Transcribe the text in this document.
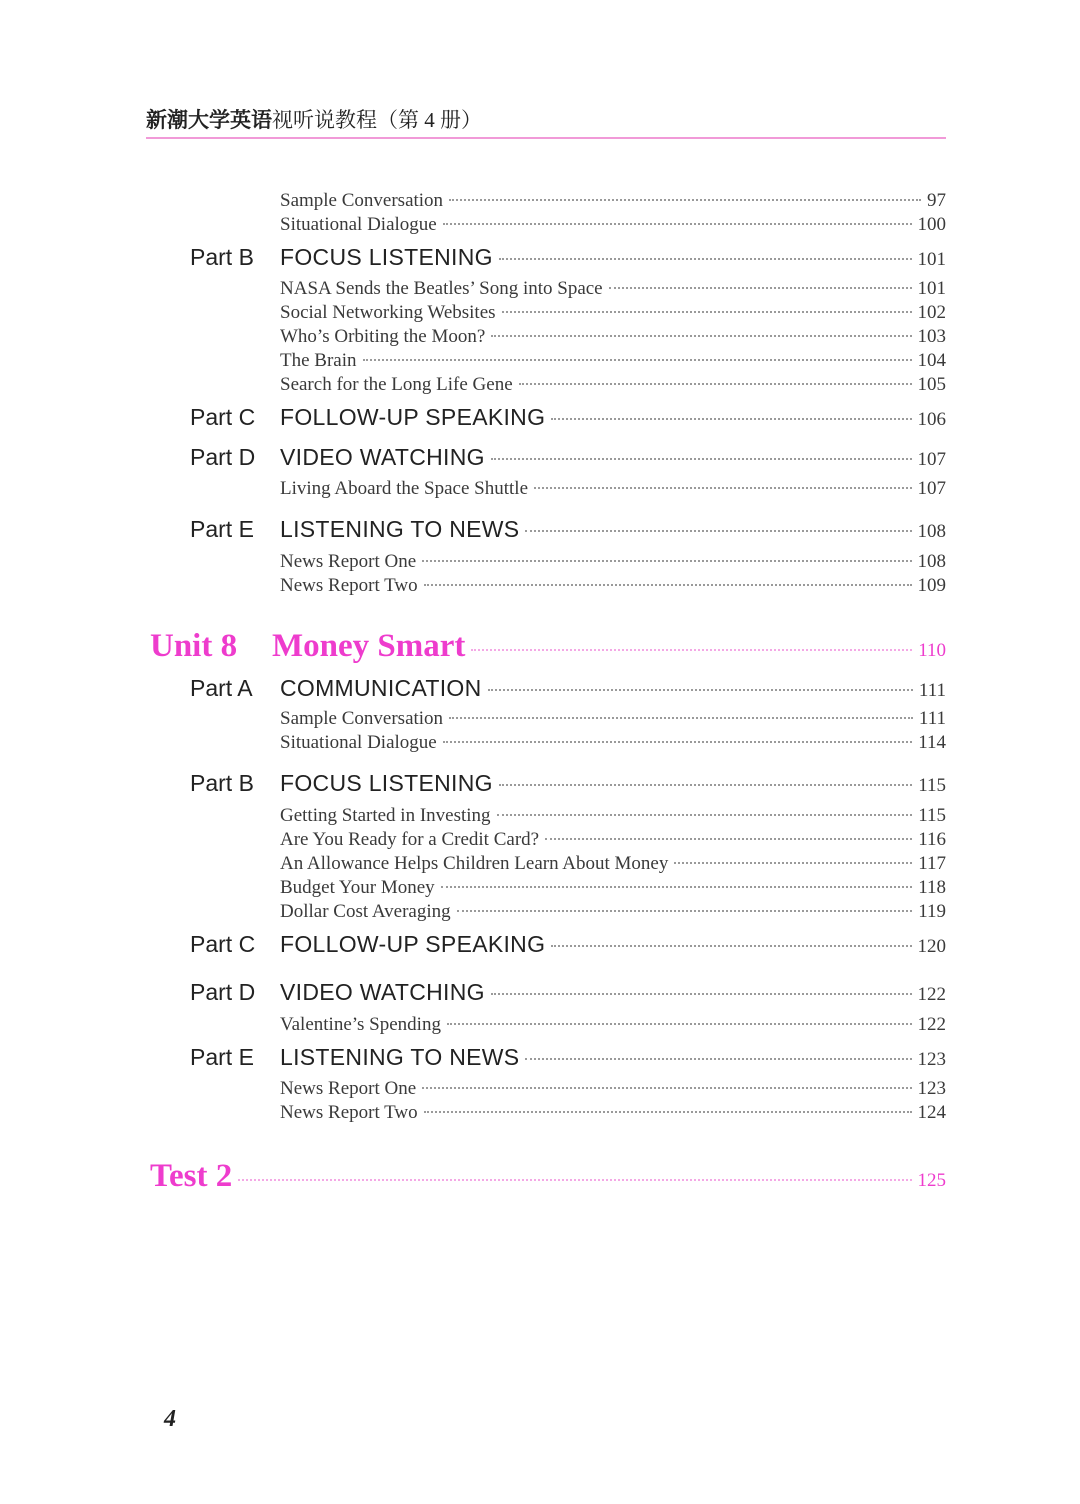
新潮大学英语视听说教程（第 4 册）
Sample Conversation	97
Situational Dialogue	100
Part B FOCUS LISTENING	101
NASA Sends the Beatles’ Song into Space	101
Social Networking Websites	102
Who’s Orbiting the Moon?	103
The Brain	104
Search for the Long Life Gene	105
Part C FOLLOW-UP SPEAKING	106
Part D VIDEO WATCHING	107
Living Aboard the Space Shuttle	107
Part E LISTENING TO NEWS	108
News Report One	108
News Report Two	109
Unit 8	Money Smart	110
Part A COMMUNICATION	111
Sample Conversation	111
Situational Dialogue	114
Part B FOCUS LISTENING	115
Getting Started in Investing	115
Are You Ready for a Credit Card?	116
An Allowance Helps Children Learn About Money	117
Budget Your Money	118
Dollar Cost Averaging	119
Part C FOLLOW-UP SPEAKING	120
Part D VIDEO WATCHING	122
Valentine’s Spending	122
Part E LISTENING TO NEWS	123
News Report One	123
News Report Two	124
Test 2	125
4
